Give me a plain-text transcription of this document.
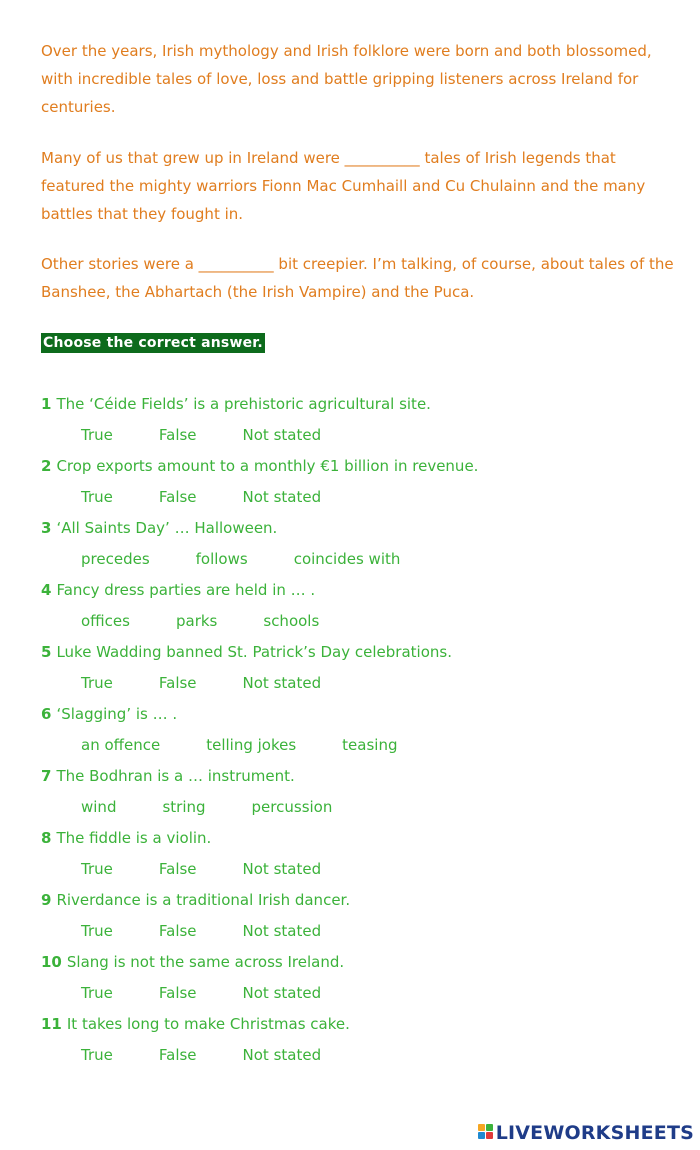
Over the years, Irish mythology and Irish folklore were born and both blossomed, with incredible tales of love, loss and battle gripping listeners across Ireland for centuries.

Many of us that grew up in Ireland were __________ tales of Irish legends that featured the mighty warriors Fionn Mac Cumhaill and Cu Chulainn and the many battles that they fought in.

Other stories were a __________ bit creepier. I’m talking, of course, about tales of the Banshee, the Abhartach (the Irish Vampire) and the Puca.

Choose the correct answer.
1 The ‘Céide Fields’ is a prehistoric agricultural site.
True	False	Not stated
2 Crop exports amount to a monthly €1 billion in revenue.
True	False	Not stated
3 ‘All Saints Day’ … Halloween.
precedes	follows	coincides with
4 Fancy dress parties are held in … .
offices	parks	schools
5 Luke Wadding banned St. Patrick’s Day celebrations.
True	False	Not stated
6 ‘Slagging’ is … .
an offence	telling jokes	teasing
7 The Bodhran is a … instrument.
wind	string	percussion
8 The fiddle is a violin.
True	False	Not stated
9 Riverdance is a traditional Irish dancer.
True	False	Not stated
10 Slang is not the same across Ireland.
True	False	Not stated
11 It takes long to make Christmas cake.
True	False	Not stated
LIVEWORKSHEETS
